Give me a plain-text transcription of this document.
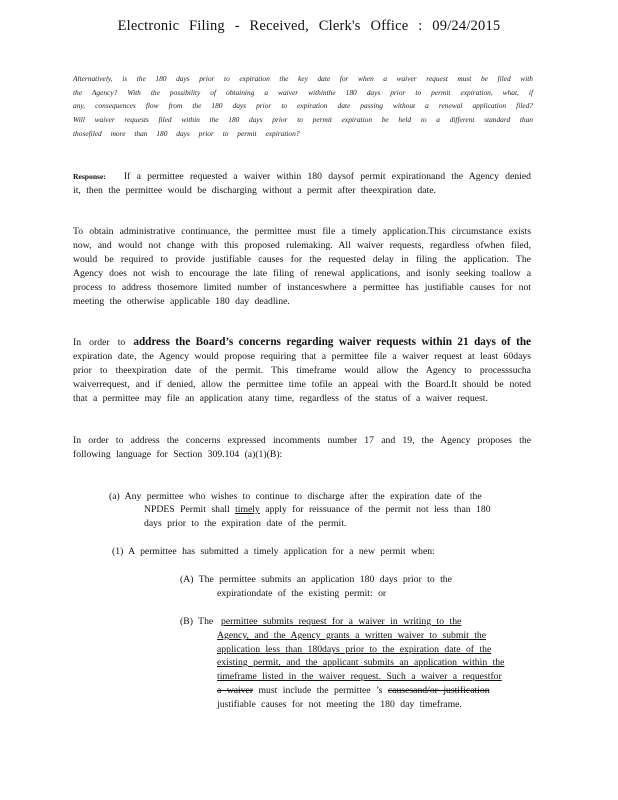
Electronic Filing - Received, Clerk's Office : 09/24/2015
Alternatively, is the 180 days prior to expiration the key date for when a waiver request must be filed with the Agency? With the possibility of obtaining a waiver withinthe 180 days prior to permit expiration, what, if any, consequences flow from the 180 days prior to expiration date passing without a renewal application filed? Will waiver requests filed within the 180 days prior to permit expiration be held to a different standard than thosefiled more than 180 days prior to permit expiration?
Response: If a permittee requested a waiver within 180 daysof permit expirationand the Agency denied it, then the permittee would be discharging without a permit after theexpiration date.
To obtain administrative continuance, the permittee must file a timely application.This circumstance exists now, and would not change with this proposed rulemaking. All waiver requests, regardless ofwhen filed, would be required to provide justifiable causes for the requested delay in filing the application. The Agency does not wish to encourage the late filing of renewal applications, and isonly seeking toallow a process to address thosemore limited number of instanceswhere a permittee has justifiable causes for not meeting the otherwise applicable 180 day deadline.
In order to address the Board’s concerns regarding waiver requests within 21 days of the expiration date, the Agency would propose requiring that a permittee file a waiver request at least 60days prior to theexpiration date of the permit. This timeframe would allow the Agency to processsucha waiverrequest, and if denied, allow the permittee time tofile an appeal with the Board.It should be noted that a permittee may file an application atany time, regardless of the status of a waiver request.
In order to address the concerns expressed incomments number 17 and 19, the Agency proposes the following language for Section 309.104 (a)(1)(B):
(a) Any permittee who wishes to continue to discharge after the expiration date of the
NPDES Permit shall timely apply for reissuance of the permit not less than 180
days prior to the expiration date of the permit.
(1) A permittee has submitted a timely application for a new permit when:
(A) The permittee submits an application 180 days prior to the
expirationdate of the existing permit: or
(B) The permittee submits request for a waiver in writing to the
Agency, and the Agency grants a written waiver to submit the
application less than 180days prior to the expiration date of the
existing permit, and the applicant submits an application within the
timeframe listed in the waiver request. Such a waiver a requestfor
a waiver must include the permittee ’s causesand/or justification
justifiable causes for not meeting the 180 day timeframe.
